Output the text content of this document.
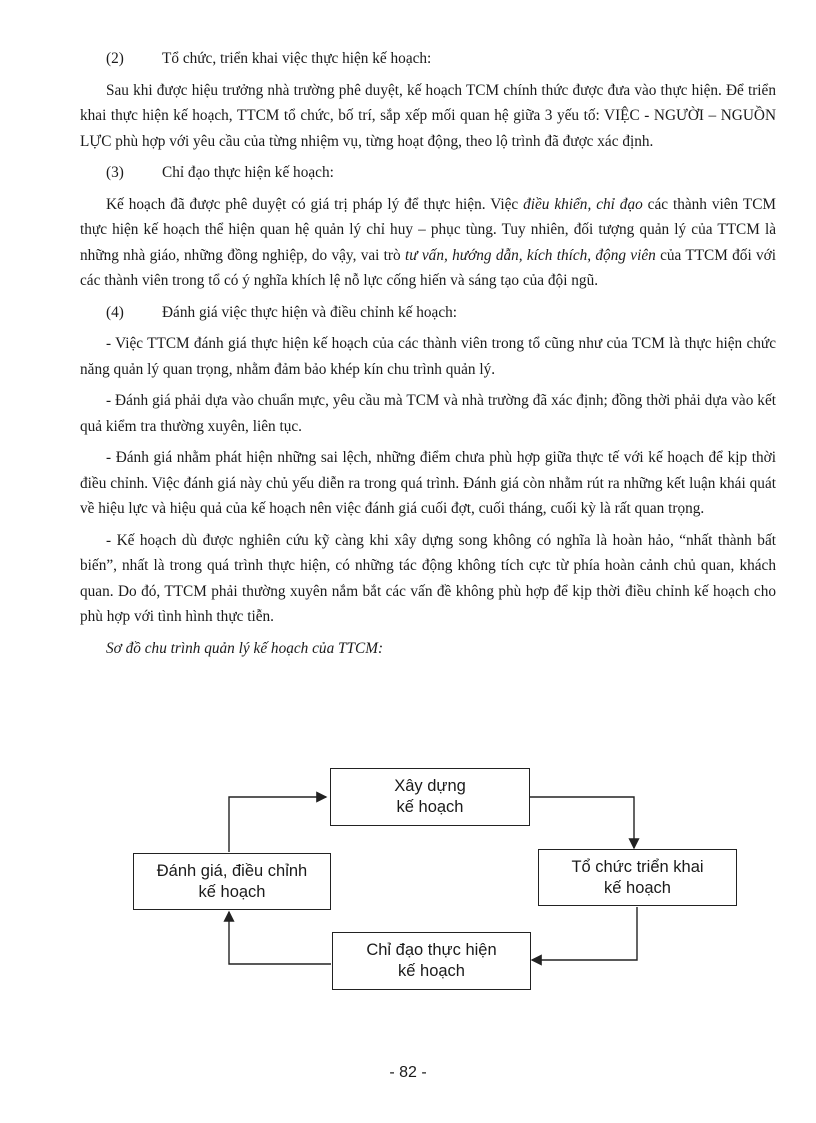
(2)	Tổ chức, triển khai việc thực hiện kế hoạch:

Sau khi được hiệu trưởng nhà trường phê duyệt, kế hoạch TCM chính thức được đưa vào thực hiện. Để triển khai thực hiện kế hoạch, TTCM tổ chức, bố trí, sắp xếp mối quan hệ giữa 3 yếu tố: VIỆC - NGƯỜI – NGUỒN LỰC phù hợp với yêu cầu của từng nhiệm vụ, từng hoạt động, theo lộ trình đã được xác định.

(3)	Chỉ đạo thực hiện kế hoạch:

Kế hoạch đã được phê duyệt có giá trị pháp lý để thực hiện. Việc điều khiển, chỉ đạo các thành viên TCM thực hiện kế hoạch thể hiện quan hệ quản lý chỉ huy – phục tùng. Tuy nhiên, đối tượng quản lý của TTCM là những nhà giáo, những đồng nghiệp, do vậy, vai trò tư vấn, hướng dẫn, kích thích, động viên của TTCM đối với các thành viên trong tổ có ý nghĩa khích lệ nỗ lực cống hiến và sáng tạo của đội ngũ.

(4)	Đánh giá việc thực hiện và điều chỉnh kế hoạch:

- Việc TTCM đánh giá thực hiện kế hoạch của các thành viên trong tổ cũng như của TCM là thực hiện chức năng quản lý quan trọng, nhằm đảm bảo khép kín chu trình quản lý.

- Đánh giá phải dựa vào chuẩn mực, yêu cầu mà TCM và nhà trường đã xác định; đồng thời phải dựa vào kết quả kiểm tra thường xuyên, liên tục.

- Đánh giá nhằm phát hiện những sai lệch, những điểm chưa phù hợp giữa thực tế với kế hoạch để kịp thời điều chỉnh. Việc đánh giá này chủ yếu diễn ra trong quá trình. Đánh giá còn nhằm rút ra những kết luận khái quát về hiệu lực và hiệu quả của kế hoạch nên việc đánh giá cuối đợt, cuối tháng, cuối kỳ là rất quan trọng.

- Kế hoạch dù được nghiên cứu kỹ càng khi xây dựng song không có nghĩa là hoàn hảo, “nhất thành bất biến”, nhất là trong quá trình thực hiện, có những tác động không tích cực từ phía hoàn cảnh chủ quan, khách quan. Do đó, TTCM phải thường xuyên nắm bắt các vấn đề không phù hợp để kịp thời điều chỉnh kế hoạch cho phù hợp với tình hình thực tiễn.

Sơ đồ chu trình quản lý kế hoạch của TTCM:

Xây dựng
kế hoạch
Tổ chức triển khai
kế hoạch
Chỉ đạo thực hiện
kế hoạch
Đánh giá, điều chỉnh
kế hoạch
- 82 -
